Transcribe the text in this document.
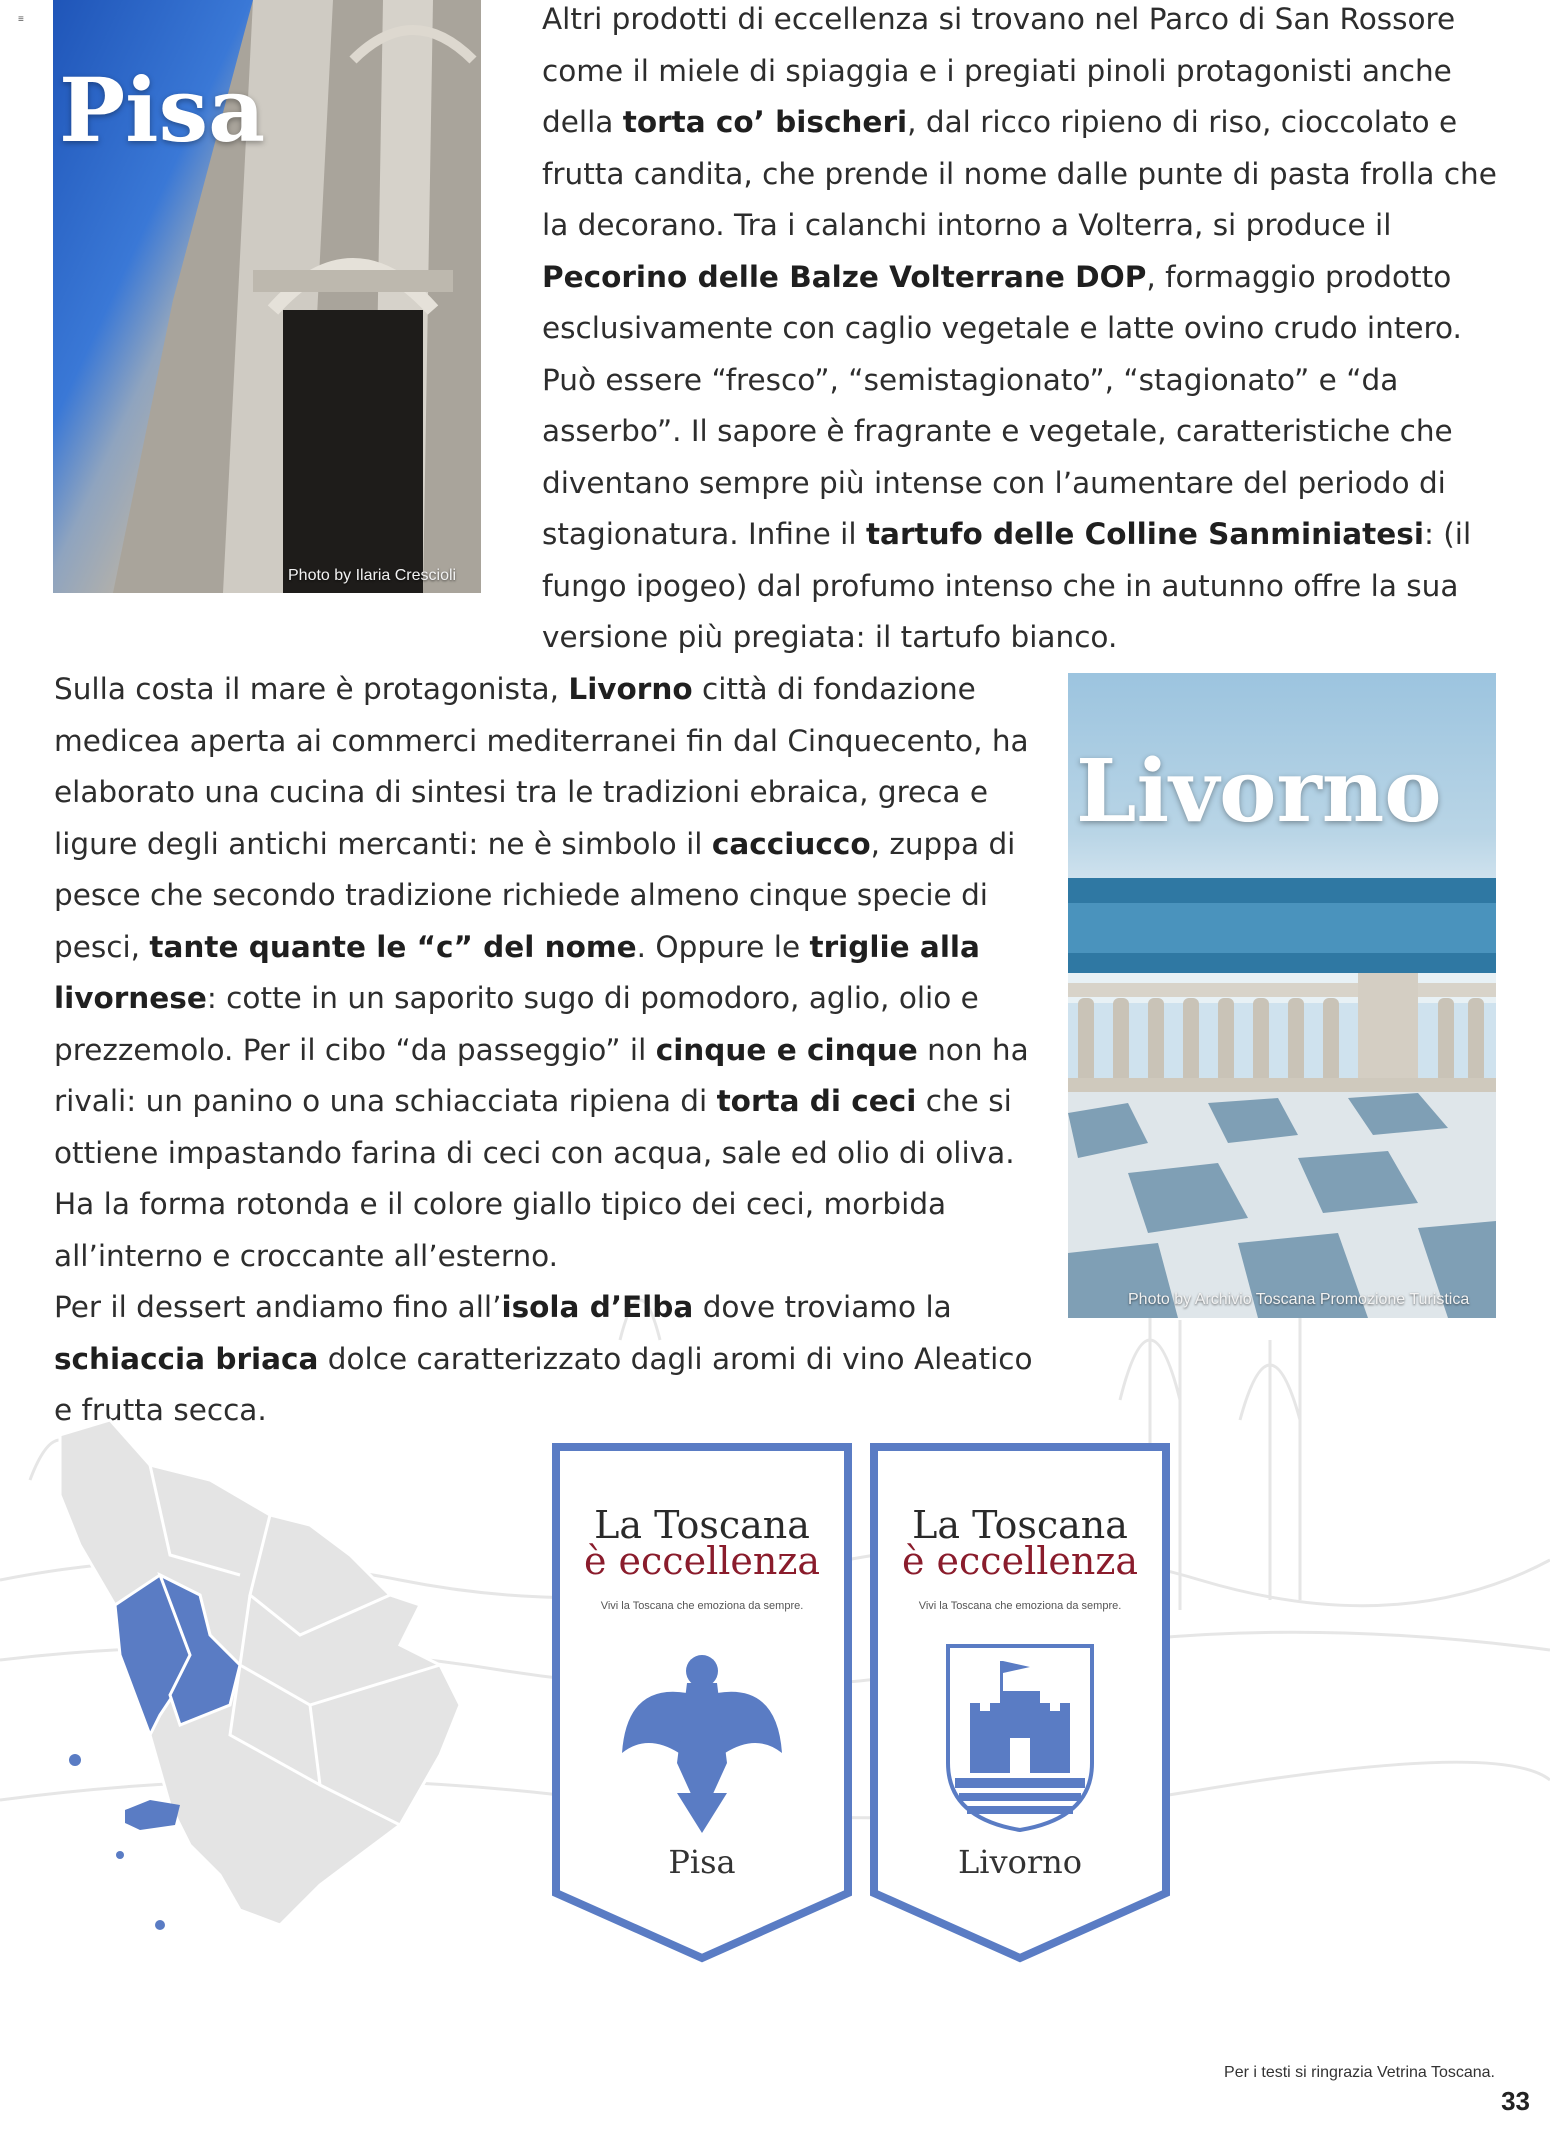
≡
Pisa
Photo by Ilaria Crescioli

Altri prodotti di eccellenza si trovano nel Parco di San Rossore come il miele di spiaggia e i pregiati pinoli protagonisti anche della torta co’ bischeri, dal ricco ripieno di riso, cioccolato e frutta candita, che prende il nome dalle punte di pasta frolla che la decorano. Tra i calanchi intorno a Volterra, si produce il Pecorino delle Balze Volterrane DOP, formaggio prodotto esclusivamente con caglio vegetale e latte ovino crudo intero. Può essere “fresco”, “semistagionato”, “stagionato” e “da asserbo”. Il sapore è fragrante e vegetale, caratteristiche che diventano sempre più intense con l’aumentare del periodo di stagionatura. Infine il tartufo delle Colline Sanminiatesi: (il fungo ipogeo) dal profumo intenso che in autunno offre la sua versione più pregiata: il tartufo bianco.

Sulla costa il mare è protagonista, Livorno città di fondazione medicea aperta ai commerci mediterranei fin dal Cinquecento, ha elaborato una cucina di sintesi tra le tradizioni ebraica, greca e ligure degli antichi mercanti: ne è simbolo il cacciucco, zuppa di pesce che secondo tradizione richiede almeno cinque specie di pesci, tante quante le “c” del nome. Oppure le triglie alla livornese: cotte in un saporito sugo di pomodoro, aglio, olio e prezzemolo. Per il cibo “da passeggio” il cinque e cinque non ha rivali: un panino o una schiacciata ripiena di torta di ceci che si ottiene impastando farina di ceci con acqua, sale ed olio di oliva. Ha la forma rotonda e il colore giallo tipico dei ceci, morbida all’interno e croccante all’esterno.

Per il dessert andiamo fino all’isola d’Elba dove troviamo la schiaccia briaca dolce caratterizzato dagli aromi di vino Aleatico e frutta secca.

Livorno
Photo by Archivio Toscana Promozione Turistica
La Toscana
è eccellenza
Vivi la Toscana che emoziona da sempre.
Pisa
La Toscana
è eccellenza
Vivi la Toscana che emoziona da sempre.
Livorno
Per i testi si ringrazia Vetrina Toscana.
33
